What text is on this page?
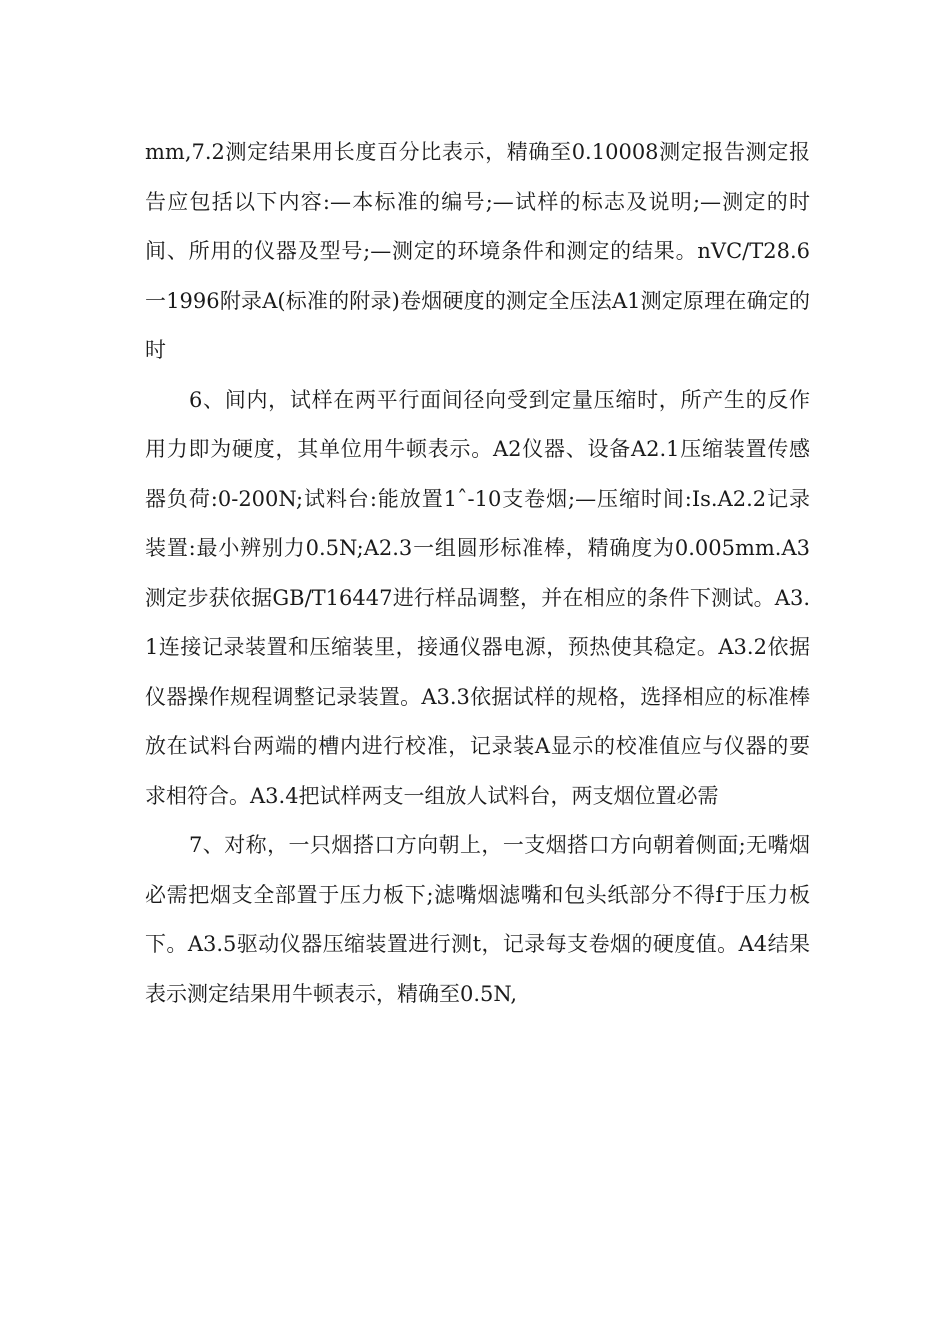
mm,7.2测定结果用长度百分比表示，精确至0.10008测定报告测定报告应包括以下内容:—本标准的编号;—试样的标志及说明;—测定的时间、所用的仪器及型号;—测定的环境条件和测定的结果。nVC/T28.6一1996附录A(标准的附录)卷烟硬度的测定全压法A1测定原理在确定的时

6、间内，试样在两平行面间径向受到定量压缩时，所产生的反作用力即为硬度，其单位用牛顿表示。A2仪器、设备A2.1压缩装置传感器负荷:0-200N;试料台:能放置1ˆ-10支卷烟;—压缩时间:Is.A2.2记录装置:最小辨别力0.5N;A2.3一组圆形标准棒，精确度为0.005mm.A3测定步获依据GB/T16447进行样品调整，并在相应的条件下测试。A3.1连接记录装置和压缩装里，接通仪器电源，预热使其稳定。A3.2依据仪器操作规程调整记录装置。A3.3依据试样的规格，选择相应的标准棒放在试料台两端的槽内进行校准，记录装A显示的校准值应与仪器的要求相符合。A3.4把试样两支一组放人试料台，两支烟位置必需

7、对称，一只烟搭口方向朝上，一支烟搭口方向朝着侧面;无嘴烟必需把烟支全部置于压力板下;滤嘴烟滤嘴和包头纸部分不得f于压力板下。A3.5驱动仪器压缩装置进行测t，记录每支卷烟的硬度值。A4结果表示测定结果用牛顿表示，精确至0.5N,
